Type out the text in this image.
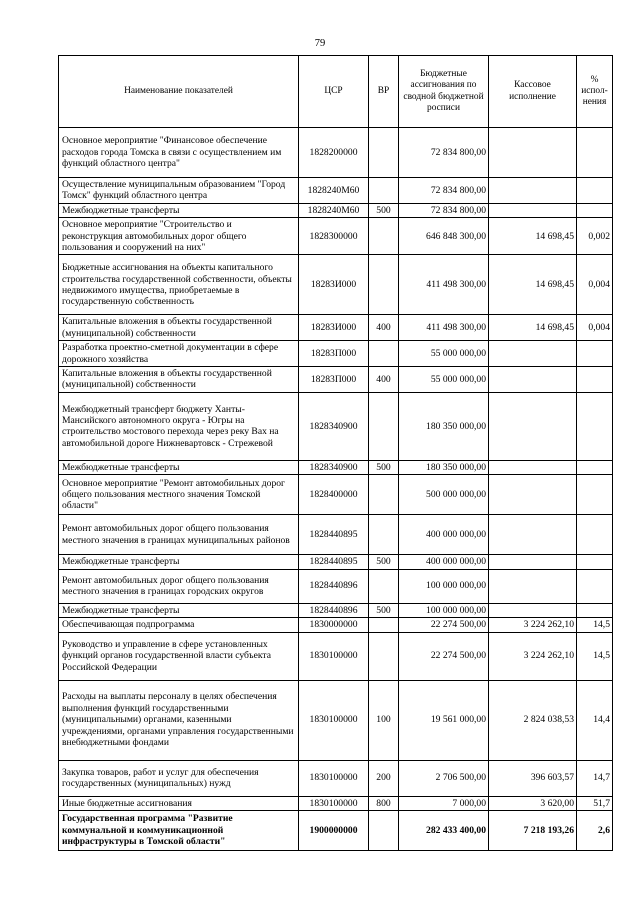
79
Наименование показателей	ЦСР	ВР	Бюджетные ассигнования по сводной бюджетной росписи	Кассовое исполнение	% испол-нения
Основное мероприятие "Финансовое обеспечение расходов города Томска в связи с осуществлением им функций областного центра"	1828200000		72 834 800,00		
Осуществление муниципальным образованием "Город Томск" функций областного центра	1828240М60		72 834 800,00		
Межбюджетные трансферты	1828240М60	500	72 834 800,00		
Основное мероприятие "Строительство и реконструкция автомобильных дорог общего пользования и сооружений на них"	1828300000		646 848 300,00	14 698,45	0,002
Бюджетные ассигнования на объекты капитального строительства государственной собственности, объекты недвижимого имущества, приобретаемые в государственную собственность	18283И000		411 498 300,00	14 698,45	0,004
Капитальные вложения в объекты государственной (муниципальной) собственности	18283И000	400	411 498 300,00	14 698,45	0,004
Разработка проектно-сметной документации в сфере дорожного хозяйства	18283П000		55 000 000,00		
Капитальные вложения в объекты государственной (муниципальной) собственности	18283П000	400	55 000 000,00		
Межбюджетный трансферт бюджету Ханты-Мансийского автономного округа - Югры на строительство мостового перехода через реку Вах на автомобильной дороге Нижневартовск - Стрежевой	1828340900		180 350 000,00		
Межбюджетные трансферты	1828340900	500	180 350 000,00		
Основное мероприятие "Ремонт автомобильных дорог общего пользования местного значения Томской области"	1828400000		500 000 000,00		
Ремонт автомобильных дорог общего пользования местного значения в границах муниципальных районов	1828440895		400 000 000,00		
Межбюджетные трансферты	1828440895	500	400 000 000,00		
Ремонт автомобильных дорог общего пользования местного значения в границах городских округов	1828440896		100 000 000,00		
Межбюджетные трансферты	1828440896	500	100 000 000,00		
Обеспечивающая подпрограмма	1830000000		22 274 500,00	3 224 262,10	14,5
Руководство и управление в сфере установленных функций органов государственной власти субъекта Российской Федерации	1830100000		22 274 500,00	3 224 262,10	14,5
Расходы на выплаты персоналу в целях обеспечения выполнения функций государственными (муниципальными) органами, казенными учреждениями, органами управления государственными внебюджетными фондами	1830100000	100	19 561 000,00	2 824 038,53	14,4
Закупка товаров, работ и услуг для обеспечения государственных (муниципальных) нужд	1830100000	200	2 706 500,00	396 603,57	14,7
Иные бюджетные ассигнования	1830100000	800	7 000,00	3 620,00	51,7
Государственная программа "Развитие коммунальной и коммуникационной инфраструктуры в Томской области"	1900000000		282 433 400,00	7 218 193,26	2,6
